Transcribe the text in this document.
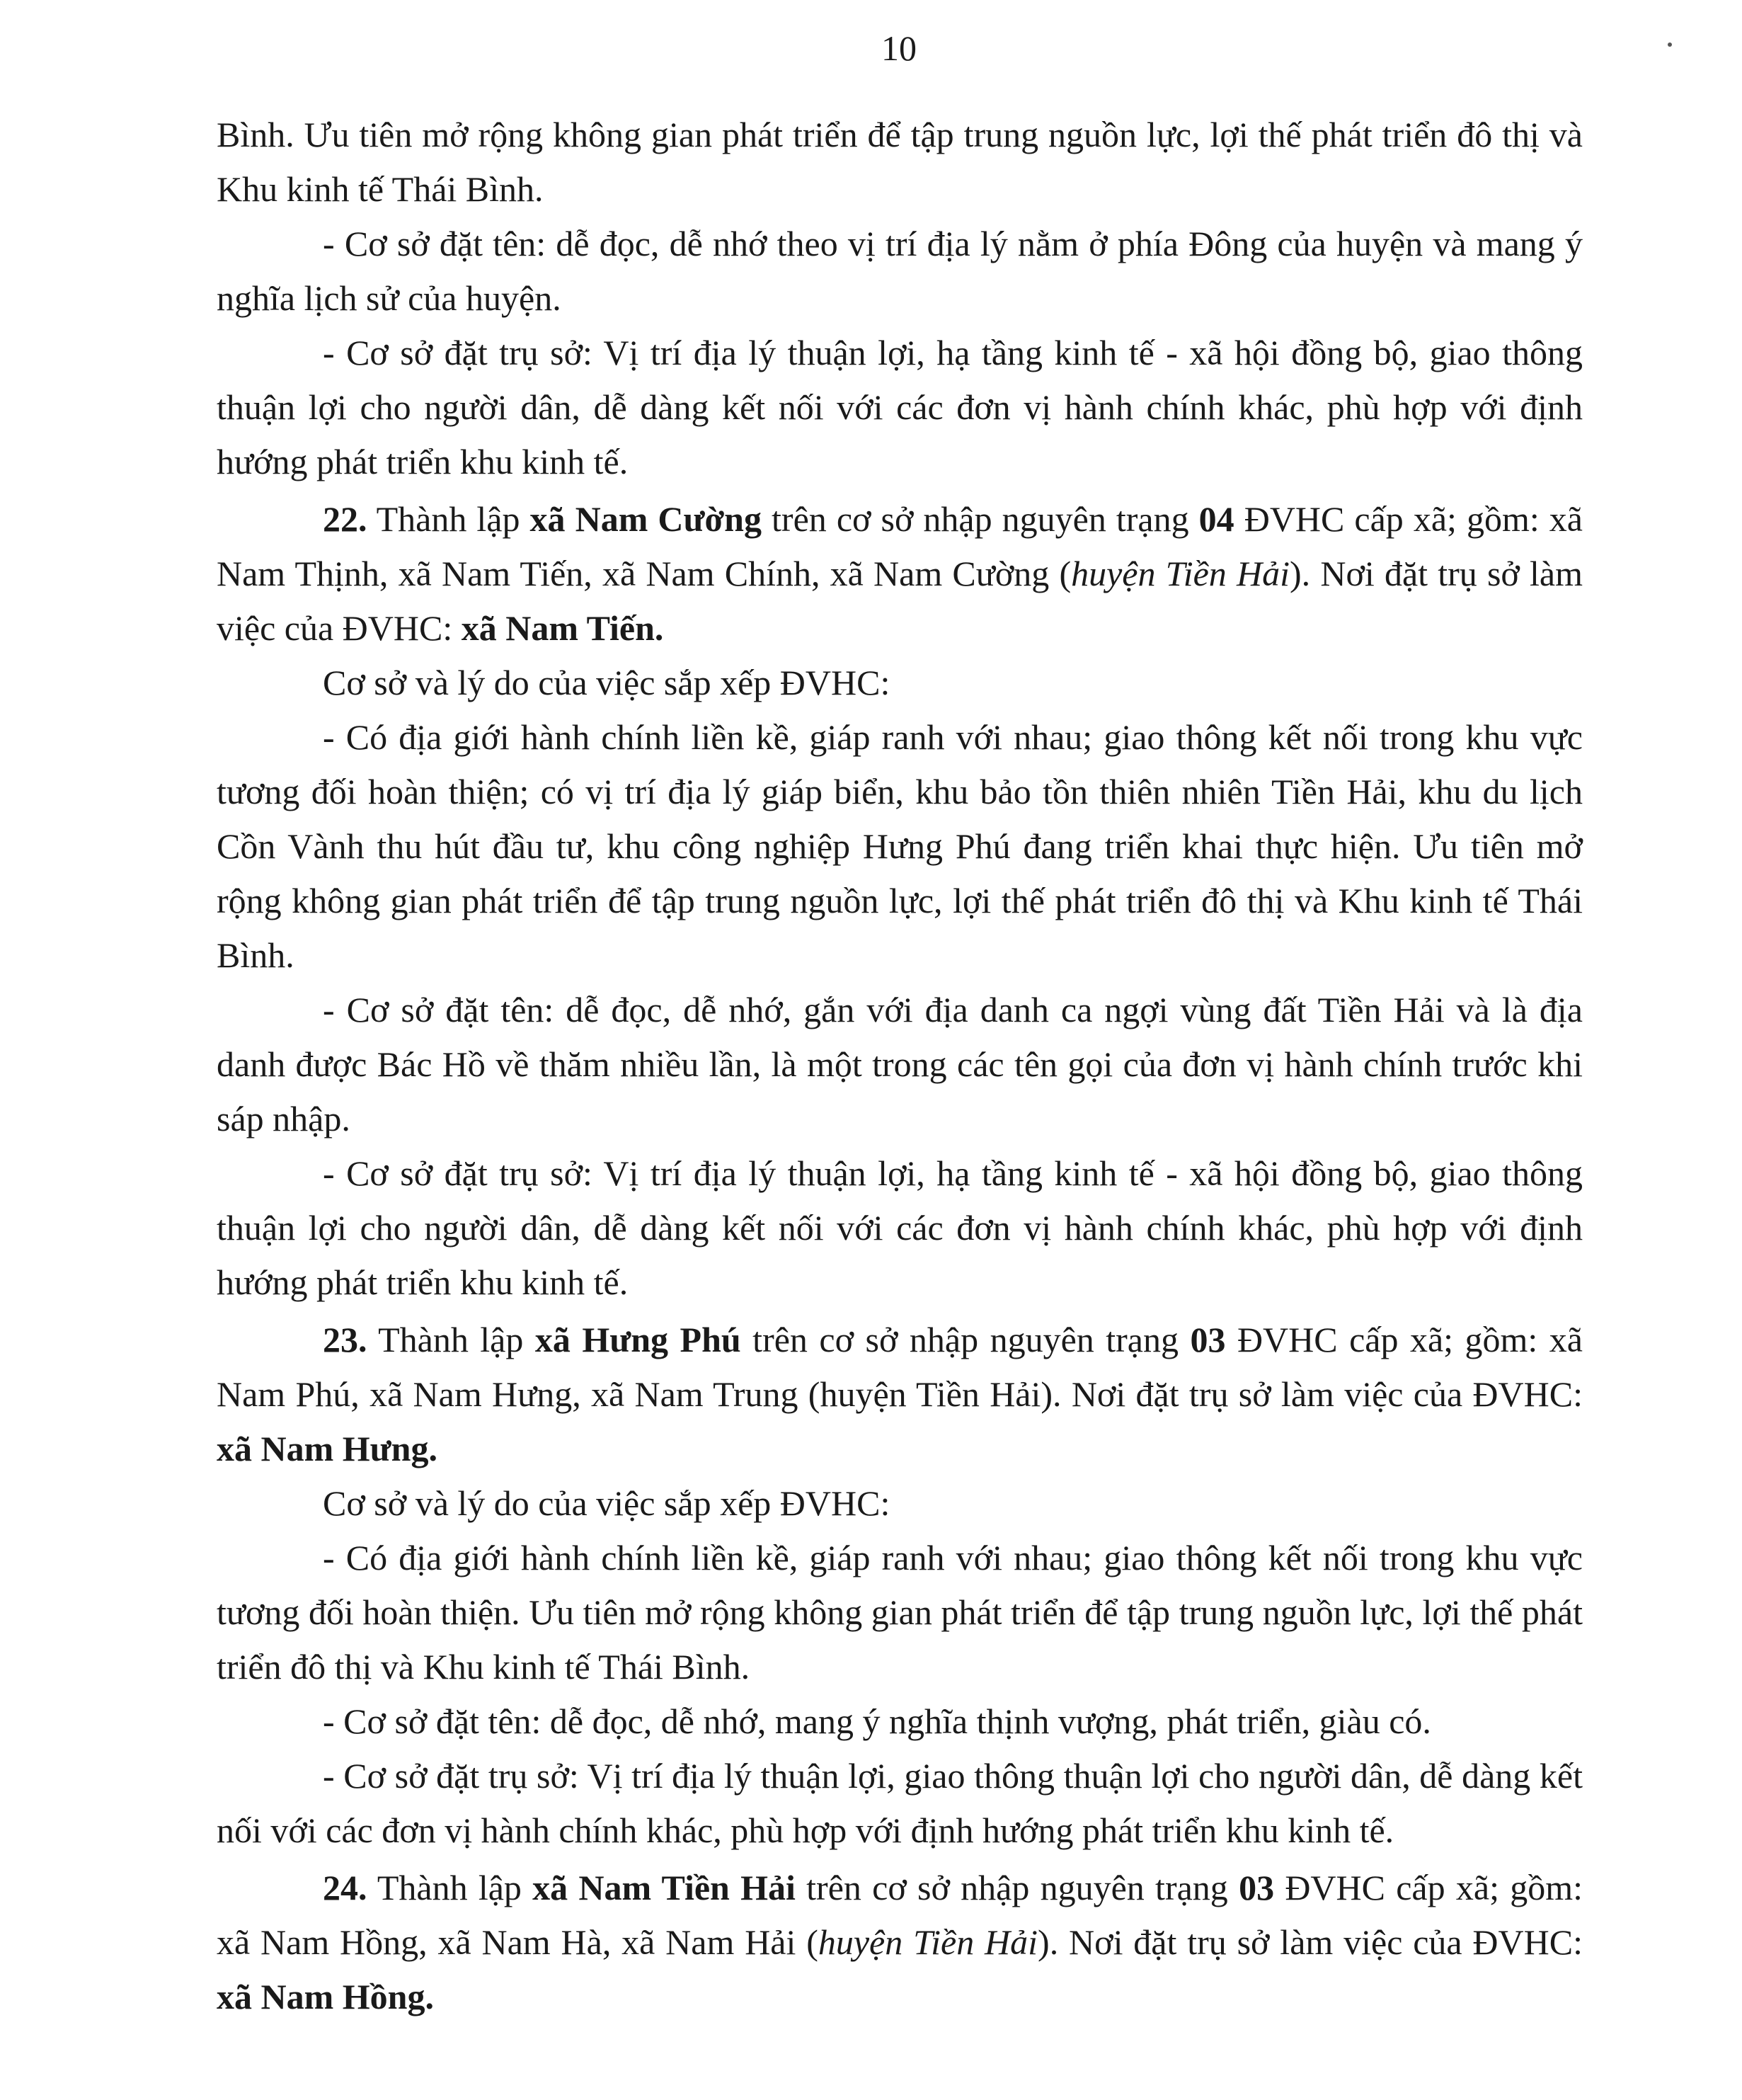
10

Bình. Ưu tiên mở rộng không gian phát triển để tập trung nguồn lực, lợi thế phát triển đô thị và Khu kinh tế Thái Bình.

- Cơ sở đặt tên: dễ đọc, dễ nhớ theo vị trí địa lý nằm ở phía Đông của huyện và mang ý nghĩa lịch sử của huyện.

- Cơ sở đặt trụ sở: Vị trí địa lý thuận lợi, hạ tầng kinh tế - xã hội đồng bộ, giao thông thuận lợi cho người dân, dễ dàng kết nối với các đơn vị hành chính khác, phù hợp với định hướng phát triển khu kinh tế.

22. Thành lập xã Nam Cường trên cơ sở nhập nguyên trạng 04 ĐVHC cấp xã; gồm: xã Nam Thịnh, xã Nam Tiến, xã Nam Chính, xã Nam Cường (huyện Tiền Hải). Nơi đặt trụ sở làm việc của ĐVHC: xã Nam Tiến.

Cơ sở và lý do của việc sắp xếp ĐVHC:

- Có địa giới hành chính liền kề, giáp ranh với nhau; giao thông kết nối trong khu vực tương đối hoàn thiện; có vị trí địa lý giáp biển, khu bảo tồn thiên nhiên Tiền Hải, khu du lịch Cồn Vành thu hút đầu tư, khu công nghiệp Hưng Phú đang triển khai thực hiện. Ưu tiên mở rộng không gian phát triển để tập trung nguồn lực, lợi thế phát triển đô thị và Khu kinh tế Thái Bình.

- Cơ sở đặt tên: dễ đọc, dễ nhớ, gắn với địa danh ca ngợi vùng đất Tiền Hải và là địa danh được Bác Hồ về thăm nhiều lần, là một trong các tên gọi của đơn vị hành chính trước khi sáp nhập.

- Cơ sở đặt trụ sở: Vị trí địa lý thuận lợi, hạ tầng kinh tế - xã hội đồng bộ, giao thông thuận lợi cho người dân, dễ dàng kết nối với các đơn vị hành chính khác, phù hợp với định hướng phát triển khu kinh tế.

23. Thành lập xã Hưng Phú trên cơ sở nhập nguyên trạng 03 ĐVHC cấp xã; gồm: xã Nam Phú, xã Nam Hưng, xã Nam Trung (huyện Tiền Hải). Nơi đặt trụ sở làm việc của ĐVHC: xã Nam Hưng.

Cơ sở và lý do của việc sắp xếp ĐVHC:

- Có địa giới hành chính liền kề, giáp ranh với nhau; giao thông kết nối trong khu vực tương đối hoàn thiện. Ưu tiên mở rộng không gian phát triển để tập trung nguồn lực, lợi thế phát triển đô thị và Khu kinh tế Thái Bình.

- Cơ sở đặt tên: dễ đọc, dễ nhớ, mang ý nghĩa thịnh vượng, phát triển, giàu có.

- Cơ sở đặt trụ sở: Vị trí địa lý thuận lợi, giao thông thuận lợi cho người dân, dễ dàng kết nối với các đơn vị hành chính khác, phù hợp với định hướng phát triển khu kinh tế.

24. Thành lập xã Nam Tiền Hải trên cơ sở nhập nguyên trạng 03 ĐVHC cấp xã; gồm: xã Nam Hồng, xã Nam Hà, xã Nam Hải (huyện Tiền Hải). Nơi đặt trụ sở làm việc của ĐVHC: xã Nam Hồng.
